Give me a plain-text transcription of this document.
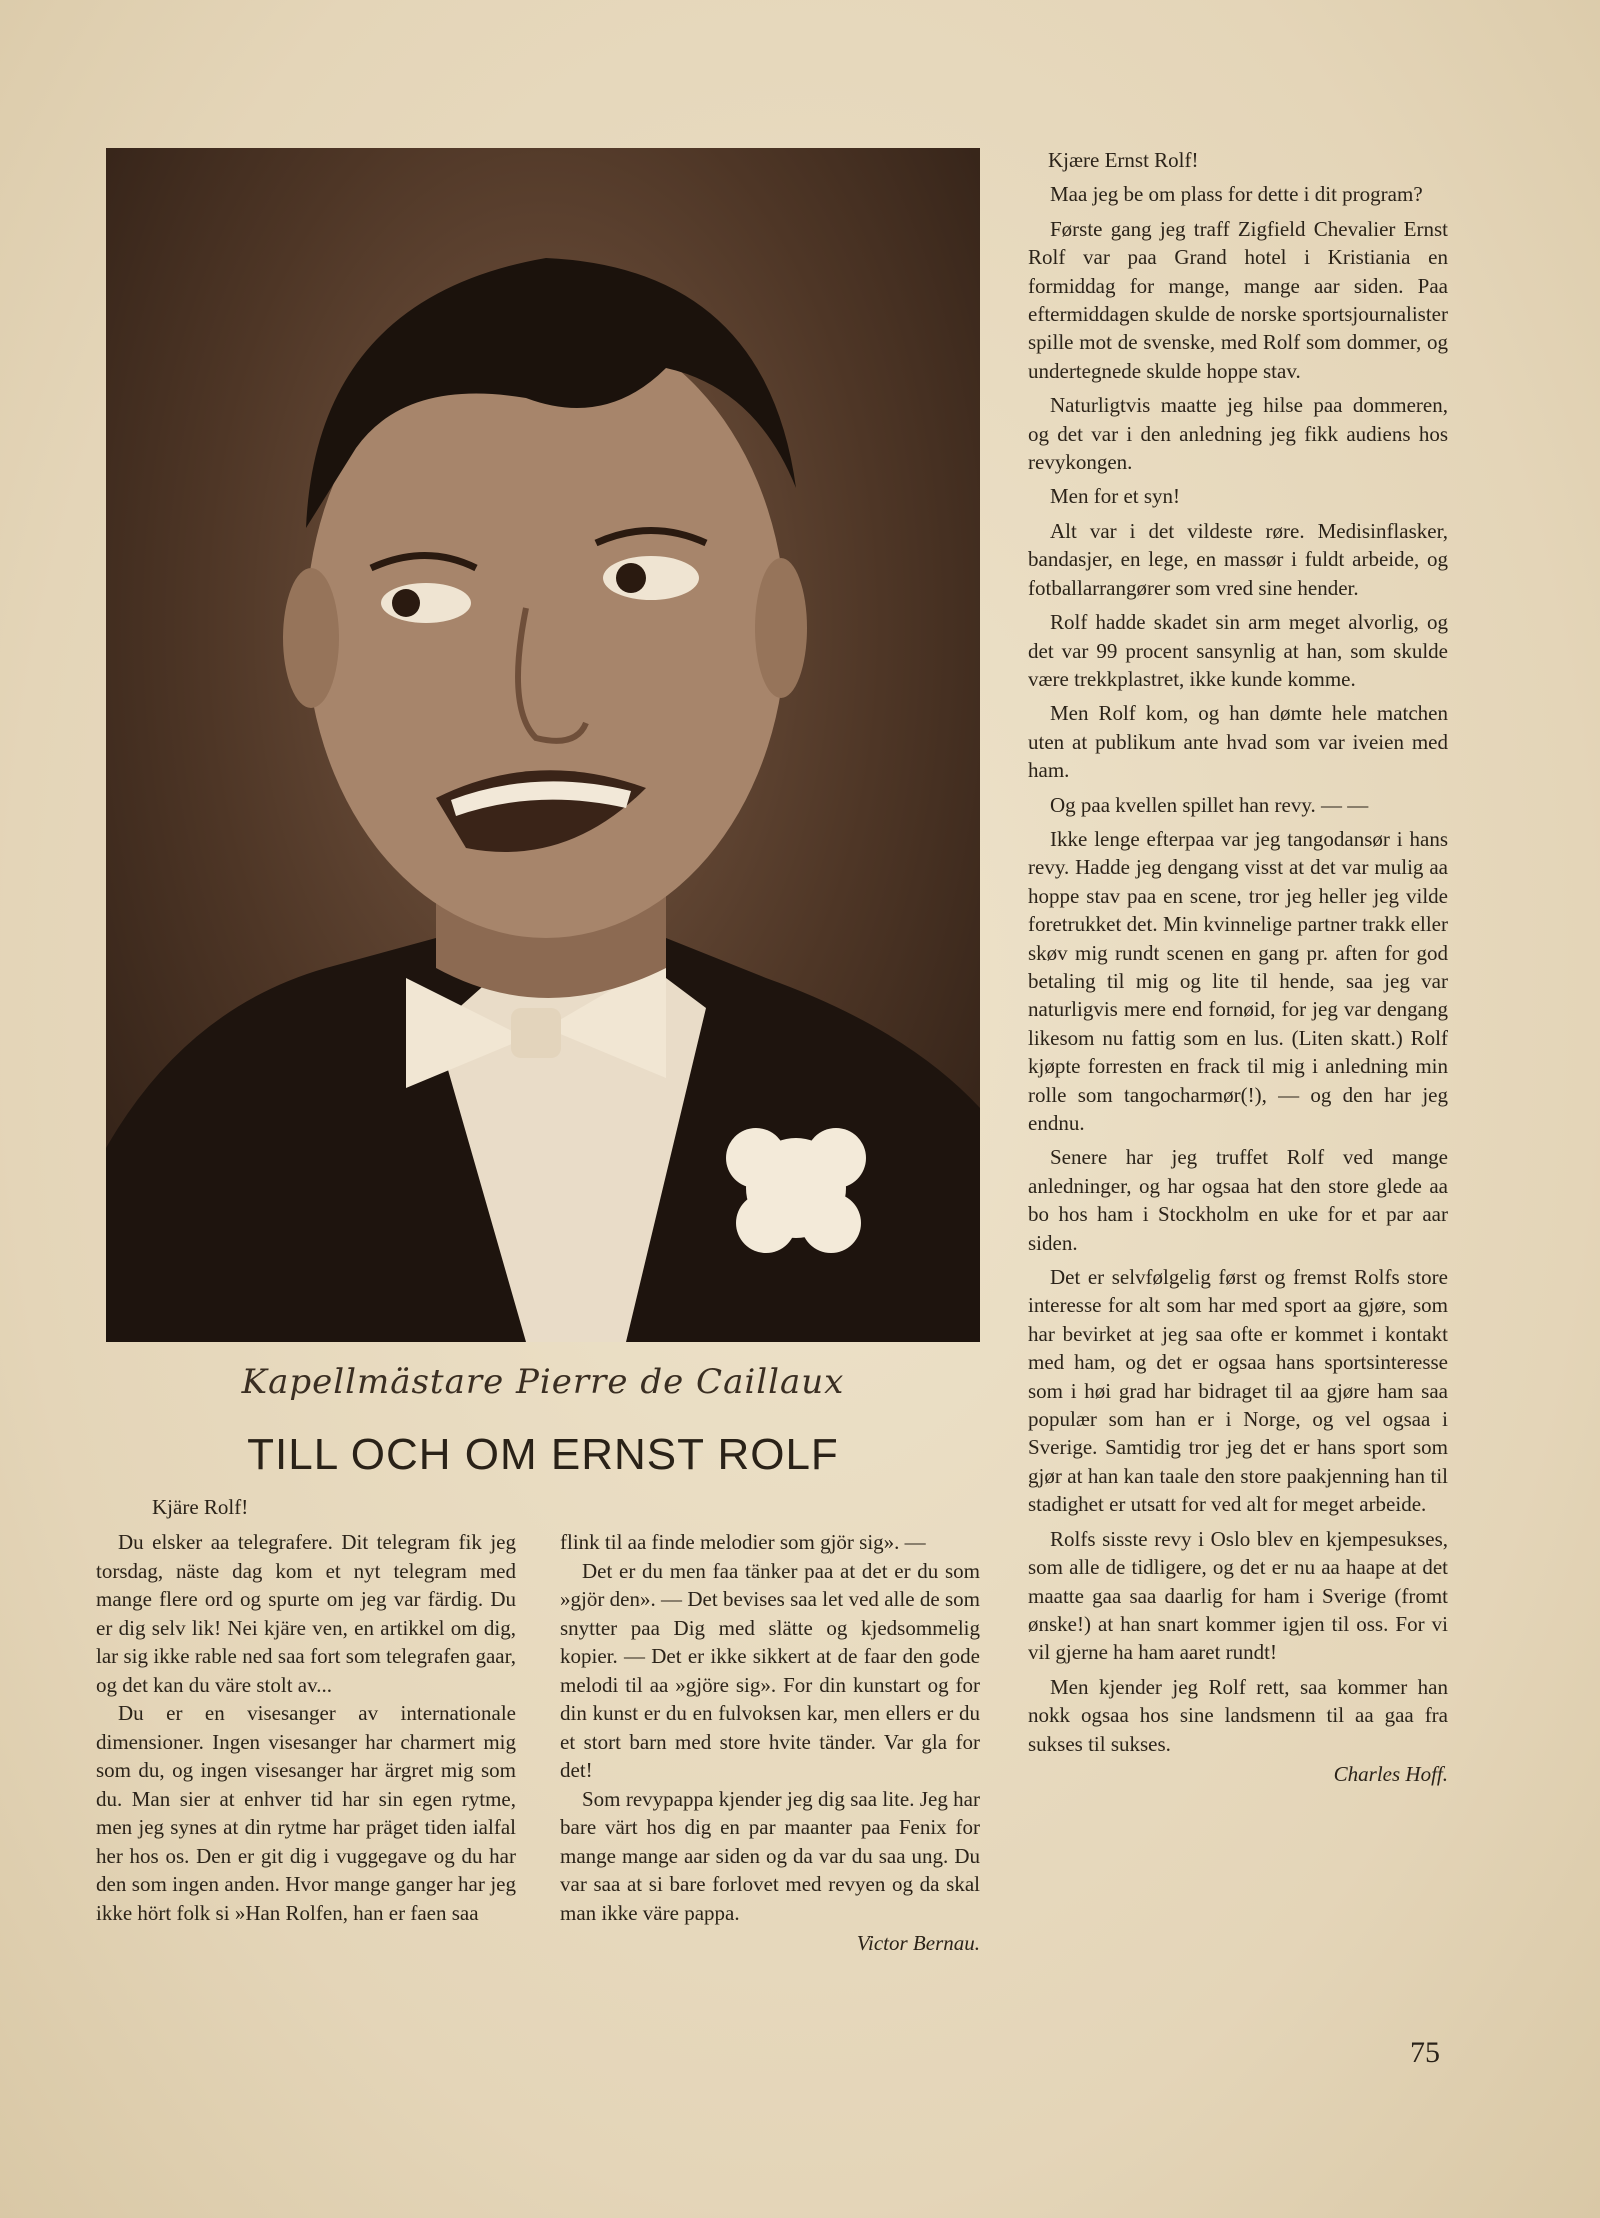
Kapellmästare Pierre de Caillaux
TILL OCH OM ERNST ROLF
Kjäre Rolf!

Du elsker aa telegrafere. Dit telegram fik jeg torsdag, näste dag kom et nyt telegram med mange flere ord og spurte om jeg var färdig. Du er dig selv lik! Nei kjäre ven, en artikkel om dig, lar sig ikke rable ned saa fort som telegrafen gaar, og det kan du väre stolt av...

Du er en visesanger av internationale dimensioner. Ingen visesanger har charmert mig som du, og ingen visesanger har ärgret mig som du. Man sier at enhver tid har sin egen rytme, men jeg synes at din rytme har präget tiden ialfal her hos os. Den er git dig i vuggegave og du har den som ingen anden. Hvor mange ganger har jeg ikke hört folk si »Han Rolfen, han er faen saa

flink til aa finde melodier som gjör sig». —

Det er du men faa tänker paa at det er du som »gjör den». — Det bevises saa let ved alle de som snytter paa Dig med slätte og kjedsommelig kopier. — Det er ikke sikkert at de faar den gode melodi til aa »gjöre sig». For din kunstart og for din kunst er du en fulvoksen kar, men ellers er du et stort barn med store hvite tänder. Var gla for det!

Som revypappa kjender jeg dig saa lite. Jeg har bare värt hos dig en par maanter paa Fenix for mange mange aar siden og da var du saa ung. Du var saa at si bare forlovet med revyen og da skal man ikke väre pappa.

Victor Bernau.

Kjære Ernst Rolf!

Maa jeg be om plass for dette i dit program?

Første gang jeg traff Zigfield Chevalier Ernst Rolf var paa Grand hotel i Kristiania en formiddag for mange, mange aar siden. Paa eftermiddagen skulde de norske sportsjournalister spille mot de svenske, med Rolf som dommer, og undertegnede skulde hoppe stav.

Naturligtvis maatte jeg hilse paa dommeren, og det var i den anledning jeg fikk audiens hos revykongen.

Men for et syn!

Alt var i det vildeste røre. Medisinflasker, bandasjer, en lege, en massør i fuldt arbeide, og fotballarrangører som vred sine hender.

Rolf hadde skadet sin arm meget alvorlig, og det var 99 procent sansynlig at han, som skulde være trekkplastret, ikke kunde komme.

Men Rolf kom, og han dømte hele matchen uten at publikum ante hvad som var iveien med ham.

Og paa kvellen spillet han revy. — —

Ikke lenge efterpaa var jeg tangodansør i hans revy. Hadde jeg dengang visst at det var mulig aa hoppe stav paa en scene, tror jeg heller jeg vilde foretrukket det. Min kvinnelige partner trakk eller skøv mig rundt scenen en gang pr. aften for god betaling til mig og lite til hende, saa jeg var naturligvis mere end fornøid, for jeg var dengang likesom nu fattig som en lus. (Liten skatt.) Rolf kjøpte forresten en frack til mig i anledning min rolle som tangocharmør(!), — og den har jeg endnu.

Senere har jeg truffet Rolf ved mange anledninger, og har ogsaa hat den store glede aa bo hos ham i Stockholm en uke for et par aar siden.

Det er selvfølgelig først og fremst Rolfs store interesse for alt som har med sport aa gjøre, som har bevirket at jeg saa ofte er kommet i kontakt med ham, og det er ogsaa hans sportsinteresse som i høi grad har bidraget til aa gjøre ham saa populær som han er i Norge, og vel ogsaa i Sverige. Samtidig tror jeg det er hans sport som gjør at han kan taale den store paakjenning han til stadighet er utsatt for ved alt for meget arbeide.

Rolfs sisste revy i Oslo blev en kjempesukses, som alle de tidligere, og det er nu aa haape at det maatte gaa saa daarlig for ham i Sverige (fromt ønske!) at han snart kommer igjen til oss. For vi vil gjerne ha ham aaret rundt!

Men kjender jeg Rolf rett, saa kommer han nokk ogsaa hos sine landsmenn til aa gaa fra sukses til sukses.

Charles Hoff.
75
